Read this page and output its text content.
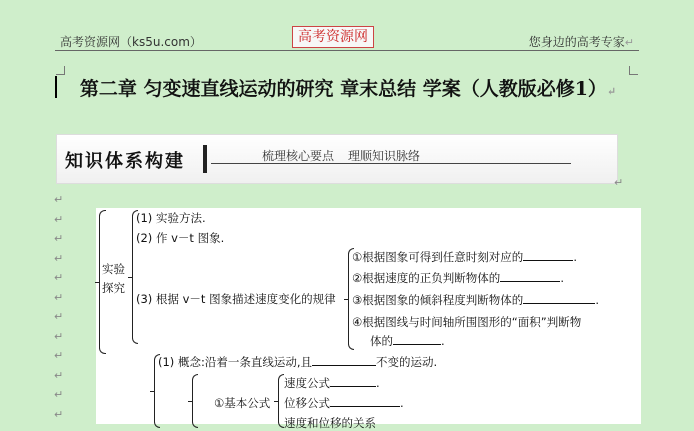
高考资源网（ks5u.com）	高考资源网	您身边的高考专家↵
第二章 匀变速直线运动的研究 章末总结 学案（人教版必修1）↵
知识体系构建	梳理核心要点 理顺知识脉络
↵
↵
↵
↵
↵
↵
↵
↵
↵
↵
↵
↵
↵
实验
探究
(1) 实验方法.
(2) 作 v－t 图象.
(3) 根据 v－t 图象描述速度变化的规律
①根据图象可得到任意时刻对应的	.
②根据速度的正负判断物体的	.
③根据图象的倾斜程度判断物体的	.
④根据图线与时间轴所围图形的“面积”判断物
体的	.
(1) 概念:沿着一条直线运动,且	不变的运动.
①基本公式
速度公式	.
位移公式	.
速度和位移的关系
